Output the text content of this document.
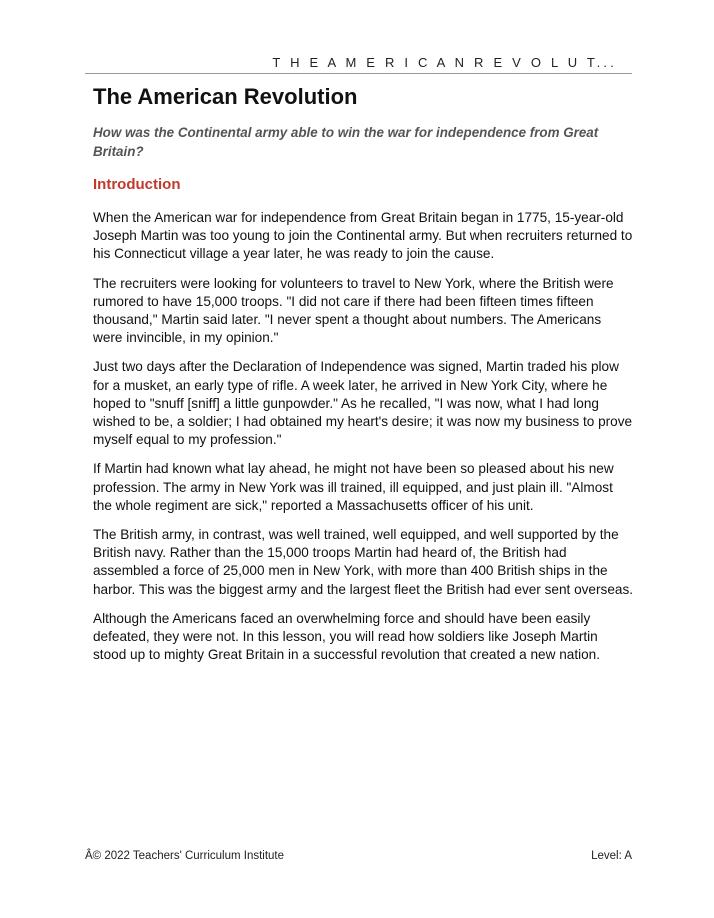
T H E A M E R I C A N R E V O L U T...
The American Revolution

How was the Continental army able to win the war for independence from Great Britain?

Introduction

When the American war for independence from Great Britain began in 1775, 15-year-old Joseph Martin was too young to join the Continental army. But when recruiters returned to his Connecticut village a year later, he was ready to join the cause.

The recruiters were looking for volunteers to travel to New York, where the British were rumored to have 15,000 troops. "I did not care if there had been fifteen times fifteen thousand," Martin said later. "I never spent a thought about numbers. The Americans were invincible, in my opinion."

Just two days after the Declaration of Independence was signed, Martin traded his plow for a musket, an early type of rifle. A week later, he arrived in New York City, where he hoped to "snuff [sniff] a little gunpowder." As he recalled, "I was now, what I had long wished to be, a soldier; I had obtained my heart's desire; it was now my business to prove myself equal to my profession."

If Martin had known what lay ahead, he might not have been so pleased about his new profession. The army in New York was ill trained, ill equipped, and just plain ill. "Almost the whole regiment are sick," reported a Massachusetts officer of his unit.

The British army, in contrast, was well trained, well equipped, and well supported by the British navy. Rather than the 15,000 troops Martin had heard of, the British had assembled a force of 25,000 men in New York, with more than 400 British ships in the harbor. This was the biggest army and the largest fleet the British had ever sent overseas.

Although the Americans faced an overwhelming force and should have been easily defeated, they were not. In this lesson, you will read how soldiers like Joseph Martin stood up to mighty Great Britain in a successful revolution that created a new nation.

Â© 2022 Teachers' Curriculum Institute	Level: A
